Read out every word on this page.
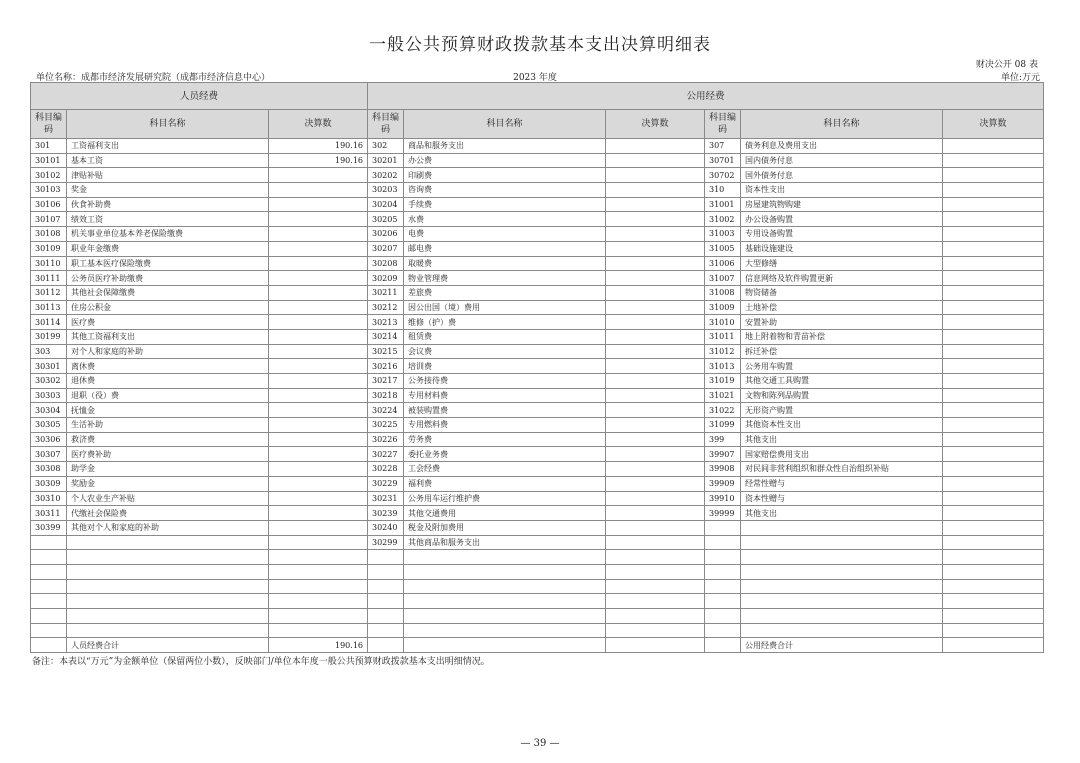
一般公共预算财政拨款基本支出决算明细表
财决公开 08 表
单位名称：成都市经济发展研究院（成都市经济信息中心）	2023 年度	单位:万元
人员经费			公用经费					
科目编码	科目名称	决算数	科目编码	科目名称	决算数	科目编码	科目名称	决算数
301	工资福利支出	190.16	302	商品和服务支出		307	债务利息及费用支出	
30101	基本工资	190.16	30201	办公费		30701	国内债务付息	
30102	津贴补贴		30202	印刷费		30702	国外债务付息	
30103	奖金		30203	咨询费		310	资本性支出	
30106	伙食补助费		30204	手续费		31001	房屋建筑物购建	
30107	绩效工资		30205	水费		31002	办公设备购置	
30108	机关事业单位基本养老保险缴费		30206	电费		31003	专用设备购置	
30109	职业年金缴费		30207	邮电费		31005	基础设施建设	
30110	职工基本医疗保险缴费		30208	取暖费		31006	大型修缮	
30111	公务员医疗补助缴费		30209	物业管理费		31007	信息网络及软件购置更新	
30112	其他社会保障缴费		30211	差旅费		31008	物资储备	
30113	住房公积金		30212	因公出国（境）费用		31009	土地补偿	
30114	医疗费		30213	维修（护）费		31010	安置补助	
30199	其他工资福利支出		30214	租赁费		31011	地上附着物和青苗补偿	
303	对个人和家庭的补助		30215	会议费		31012	拆迁补偿	
30301	离休费		30216	培训费		31013	公务用车购置	
30302	退休费		30217	公务接待费		31019	其他交通工具购置	
30303	退职（役）费		30218	专用材料费		31021	文物和陈列品购置	
30304	抚恤金		30224	被装购置费		31022	无形资产购置	
30305	生活补助		30225	专用燃料费		31099	其他资本性支出	
30306	救济费		30226	劳务费		399	其他支出	
30307	医疗费补助		30227	委托业务费		39907	国家赔偿费用支出	
30308	助学金		30228	工会经费		39908	对民间非营利组织和群众性自治组织补贴	
30309	奖励金		30229	福利费		39909	经常性赠与	
30310	个人农业生产补贴		30231	公务用车运行维护费		39910	资本性赠与	
30311	代缴社会保险费		30239	其他交通费用		39999	其他支出	
30399	其他对个人和家庭的补助		30240	税金及附加费用				
			30299	其他商品和服务支出				

	人员经费合计	190.16					公用经费合计	
备注：本表以“万元”为金额单位（保留两位小数），反映部门/单位本年度一般公共预算财政拨款基本支出明细情况。
— 39 —
